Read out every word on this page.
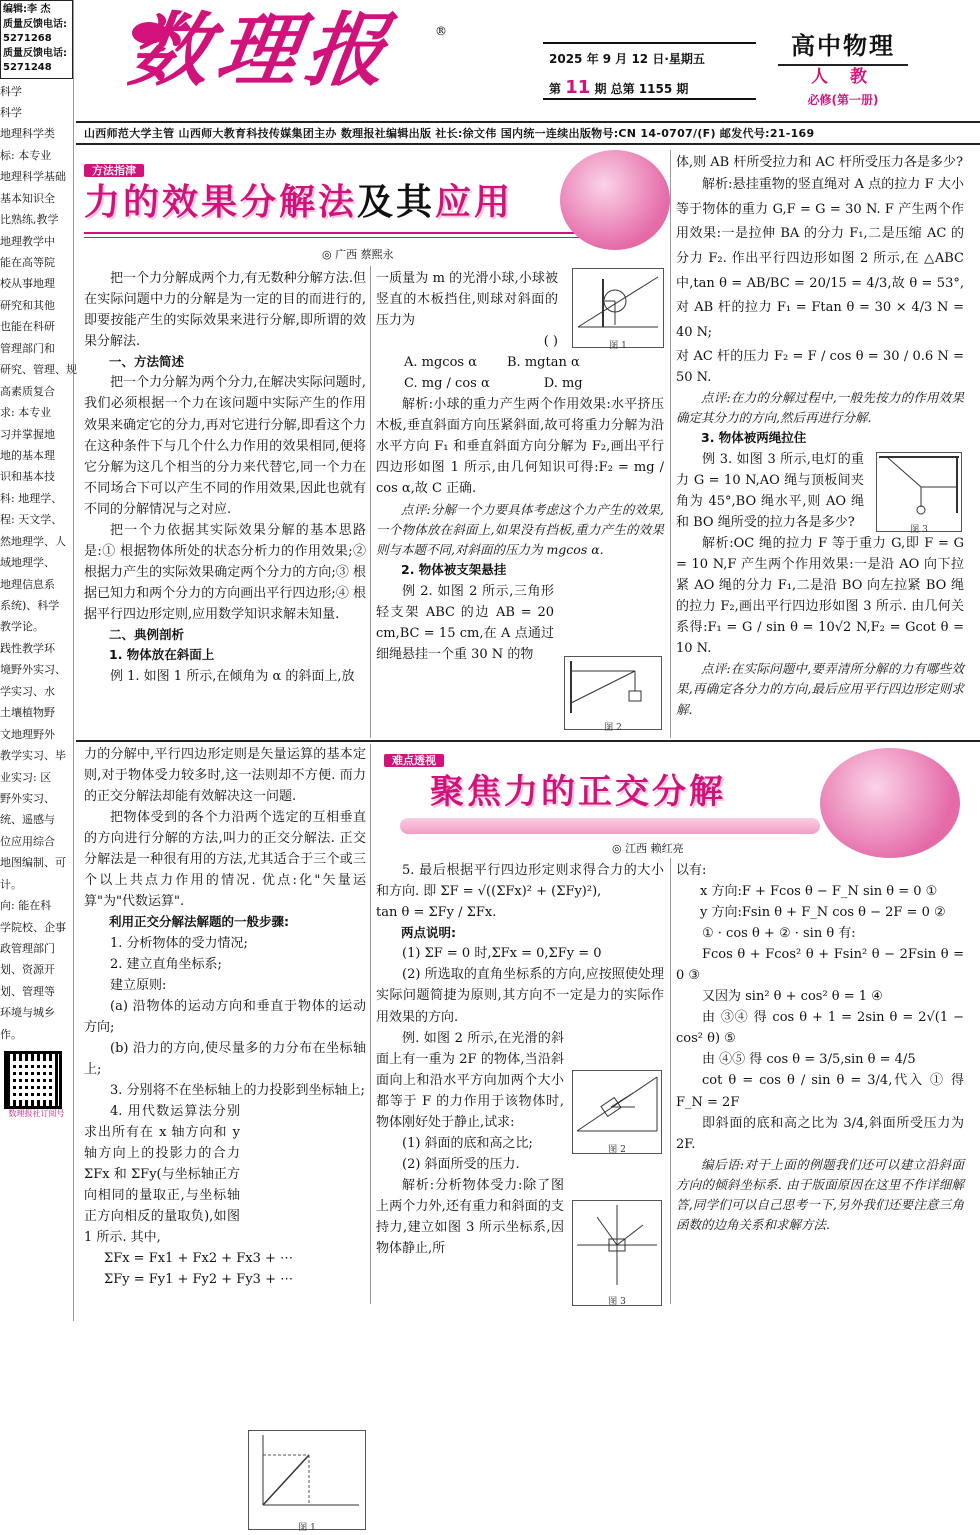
编辑:李 杰
质量反馈电话:
5271268
质量反馈电话:
5271248
科学
科学
地理科学类
标: 本专业
地理科学基础
基本知识全
比熟练,教学
地理教学中
能在高等院
校从事地理
研究和其他
也能在科研
管理部门和
研究、管理、规
高素质复合
求: 本专业
习并掌握地
地的基本理
识和基本技
科: 地理学、
程: 天文学、
然地理学、人
域地理学、
地理信息系
系统)、科学
教学论。
践性教学环
境野外实习、
学实习、水
土壤植物野
文地理野外
教学实习、毕
业实习: 区
野外实习、
统、遥感与
位应用综合
地图编制、可
计。
向: 能在科
学院校、企事
政管理部门
划、资源开
划、管理等
环境与城乡
作。
数理报社订阅号
数理报	®
2025 年 9 月 12 日·星期五
第 11 期 总第 1155 期
高中物理
人 教
必修(第一册)
山西师范大学主管 山西师大教育科技传媒集团主办 数理报社编辑出版 社长:徐文伟 国内统一连续出版物号:CN 14-0707/(F) 邮发代号:21-169
方法指津
力的效果分解法及其应用
◎ 广西 蔡熙永

把一个力分解成两个力,有无数种分解方法.但在实际问题中力的分解是为一定的目的而进行的,即要按能产生的实际效果来进行分解,即所谓的效果分解法.

一、方法简述

把一个力分解为两个分力,在解决实际问题时,我们必须根据一个力在该问题中实际产生的作用效果来确定它的分力,再对它进行分解,即看这个力在这种条件下与几个什么力作用的效果相同,便将它分解为这几个相当的分力来代替它,同一个力在不同场合下可以产生不同的作用效果,因此也就有不同的分解情况与之对应.

把一个力依据其实际效果分解的基本思路是:① 根据物体所处的状态分析力的作用效果;② 根据力产生的实际效果确定两个分力的方向;③ 根据已知力和两个分力的方向画出平行四边形;④ 根据平行四边形定则,应用数学知识求解未知量.

二、典例剖析

1. 物体放在斜面上

例 1. 如图 1 所示,在倾角为 α 的斜面上,放

一质量为 m 的光滑小球,小球被竖直的木板挡住,则球对斜面的压力为

图 1
( )
A. mgcos α B. mgtan α
C. mg / cos α	D. mg

解析:小球的重力产生两个作用效果:水平挤压木板,垂直斜面方向压紧斜面,故可将重力分解为沿水平方向 F₁ 和垂直斜面方向分解为 F₂,画出平行四边形如图 1 所示,由几何知识可得:F₂ = mg / cos α,故 C 正确.

点评:分解一个力要具体考虑这个力产生的效果,一个物体放在斜面上,如果没有挡板,重力产生的效果则与本题不同,对斜面的压力为 mgcos α.

2. 物体被支架悬挂

例 2. 如图 2 所示,三角形轻支架 ABC 的边 AB = 20 cm,BC = 15 cm,在 A 点通过细绳悬挂一个重 30 N 的物

图 2

体,则 AB 杆所受拉力和 AC 杆所受压力各是多少?

解析:悬挂重物的竖直绳对 A 点的拉力 F 大小等于物体的重力 G,F = G = 30 N. F 产生两个作用效果:一是拉伸 BA 的分力 F₁,二是压缩 AC 的分力 F₂. 作出平行四边形如图 2 所示,在 △ABC 中,tan θ = AB/BC = 20/15 = 4/3,故 θ = 53°,对 AB 杆的拉力 F₁ = Ftan θ = 30 × 4/3 N = 40 N;

对 AC 杆的压力 F₂ = F / cos θ = 30 / 0.6 N = 50 N.

点评:在力的分解过程中,一般先按力的作用效果确定其分力的方向,然后再进行分解.

3. 物体被两绳拉住

例 3. 如图 3 所示,电灯的重力 G = 10 N,AO 绳与顶板间夹角为 45°,BO 绳水平,则 AO 绳和 BO 绳所受的拉力各是多少?	图 3

解析:OC 绳的拉力 F 等于重力 G,即 F = G = 10 N,F 产生两个作用效果:一是沿 AO 向下拉紧 AO 绳的分力 F₁,二是沿 BO 向左拉紧 BO 绳的拉力 F₂,画出平行四边形如图 3 所示. 由几何关系得:F₁ = G / sin θ = 10√2 N,F₂ = Gcot θ = 10 N.

点评:在实际问题中,要弄清所分解的力有哪些效果,再确定各分力的方向,最后应用平行四边形定则求解.

难点透视
聚焦力的正交分解
◎ 江西 赖红亮

力的分解中,平行四边形定则是矢量运算的基本定则,对于物体受力较多时,这一法则却不方便. 而力的正交分解法却能有效解决这一问题.

把物体受到的各个力沿两个选定的互相垂直的方向进行分解的方法,叫力的正交分解法. 正交分解法是一种很有用的方法,尤其适合于三个或三个以上共点力作用的情况. 优点:化"矢量运算"为"代数运算".

利用正交分解法解题的一般步骤:

1. 分析物体的受力情况;

2. 建立直角坐标系;

建立原则:

(a) 沿物体的运动方向和垂直于物体的运动方向;

(b) 沿力的方向,使尽量多的力分布在坐标轴上;

3. 分别将不在坐标轴上的力投影到坐标轴上;

4. 用代数运算法分别求出所有在 x 轴方向和 y 轴方向上的投影力的合力 ΣFx 和 ΣFy(与坐标轴正方向相同的量取正,与坐标轴正方向相反的量取负),如图 1 所示. 其中,

图 1

ΣFx = Fx1 + Fx2 + Fx3 + ⋯

ΣFy = Fy1 + Fy2 + Fy3 + ⋯

5. 最后根据平行四边形定则求得合力的大小和方向. 即 ΣF = √((ΣFx)² + (ΣFy)²),

tan θ = ΣFy / ΣFx.

两点说明:

(1) ΣF = 0 时,ΣFx = 0,ΣFy = 0

(2) 所选取的直角坐标系的方向,应按照使处理实际问题简捷为原则,其方向不一定是力的实际作用效果的方向.

例. 如图 2 所示,在光滑的斜面上有一重为 2F 的物体,当沿斜面向上和沿水平方向加两个大小都等于 F 的力作用于该物体时,物体刚好处于静止,试求:

(1) 斜面的底和高之比;

(2) 斜面所受的压力.

解析:分析物体受力:除了图上两个力外,还有重力和斜面的支持力,建立如图 3 所示坐标系,因物体静止,所

图 2
图 3

以有:

x 方向:F + Fcos θ − F_N sin θ = 0 ①

y 方向:Fsin θ + F_N cos θ − 2F = 0 ②

① · cos θ + ② · sin θ 有:

Fcos θ + Fcos² θ + Fsin² θ − 2Fsin θ = 0 ③

又因为 sin² θ + cos² θ = 1 ④

由 ③④ 得 cos θ + 1 = 2sin θ = 2√(1 − cos² θ) ⑤

由 ④⑤ 得 cos θ = 3/5,sin θ = 4/5

cot θ = cos θ / sin θ = 3/4,代入 ① 得 F_N = 2F

即斜面的底和高之比为 3/4,斜面所受压力为 2F.

编后语:对于上面的例题我们还可以建立沿斜面方向的倾斜坐标系. 由于版面原因在这里不作详细解答,同学们可以自己思考一下,另外我们还要注意三角函数的边角关系和求解方法.
